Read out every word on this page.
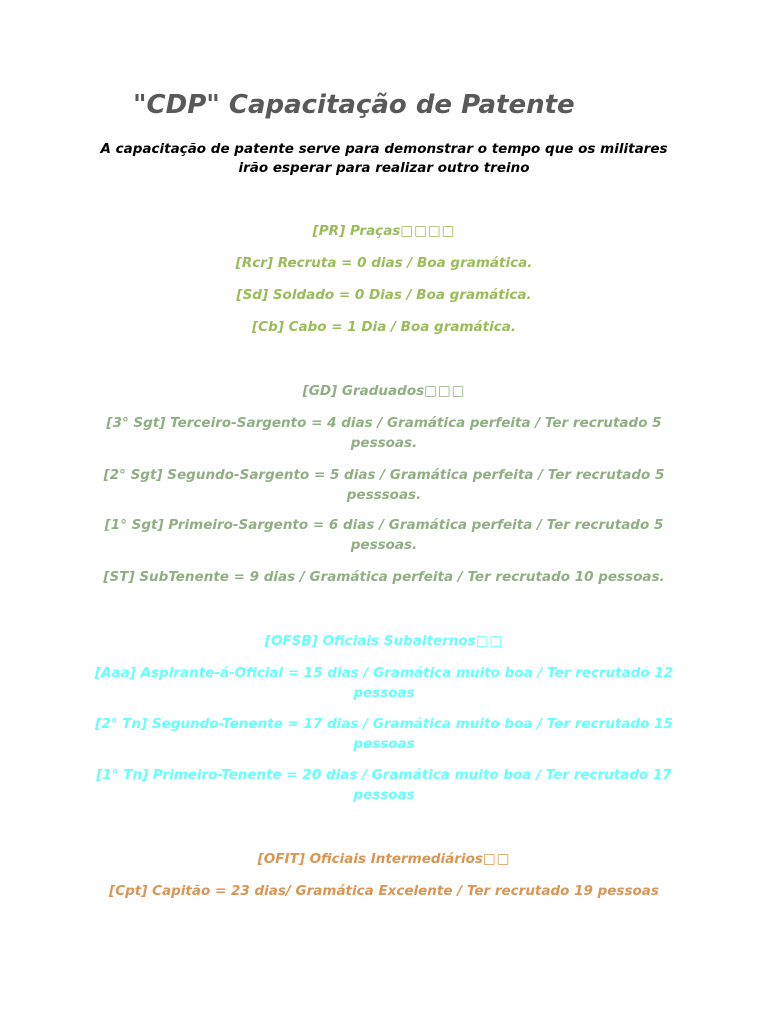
"CDP" Capacitação de Patente

A capacitação de patente serve para demonstrar o tempo que os militares irão esperar para realizar outro treino

[PR] Praças□□□□

[Rcr] Recruta = 0 dias / Boa gramática.

[Sd] Soldado = 0 Dias / Boa gramática.

[Cb] Cabo = 1 Dia / Boa gramática.

[GD] Graduados□□□

[3° Sgt] Terceiro-Sargento = 4 dias / Gramática perfeita / Ter recrutado 5 pessoas.

[2° Sgt] Segundo-Sargento = 5 dias / Gramática perfeita / Ter recrutado 5 pesssoas.

[1° Sgt] Primeiro-Sargento = 6 dias / Gramática perfeita / Ter recrutado 5 pessoas.

[ST] SubTenente = 9 dias / Gramática perfeita / Ter recrutado 10 pessoas.

[OFSB] Oficiais Subalternos□□

[Aaa] Aspirante-á-Oficial = 15 dias / Gramática muito boa / Ter recrutado 12 pessoas

[2° Tn] Segundo-Tenente = 17 dias / Gramática muito boa / Ter recrutado 15 pessoas

[1° Tn] Primeiro-Tenente = 20 dias / Gramática muito boa / Ter recrutado 17 pessoas

[OFIT] Oficiais Intermediários□□

[Cpt] Capitão = 23 dias/ Gramática Excelente / Ter recrutado 19 pessoas
